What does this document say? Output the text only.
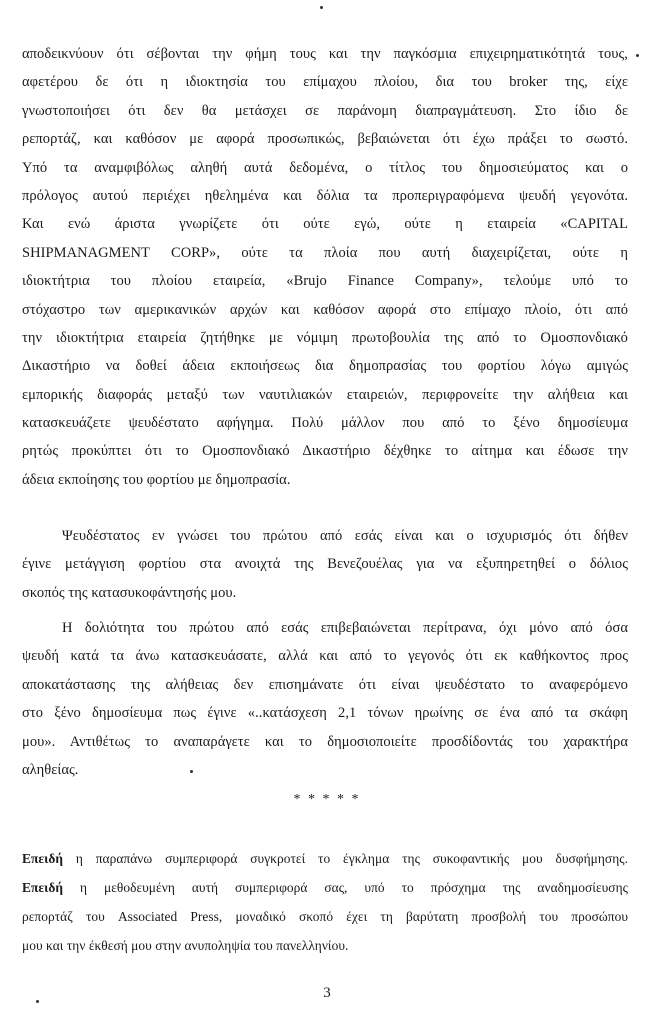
αποδεικνύουν ότι σέβονται την φήμη τους και την παγκόσμια επιχειρηματικότητά τους,
αφετέρου δε ότι η ιδιοκτησία του επίμαχου πλοίου, δια του broker της, είχε
γνωστοποιήσει ότι δεν θα μετάσχει σε παράνομη διαπραγμάτευση. Στο ίδιο δε
ρεπορτάζ, και καθόσον με αφορά προσωπικώς, βεβαιώνεται ότι έχω πράξει το σωστό.
Υπό τα αναμφιβόλως αληθή αυτά δεδομένα, ο τίτλος του δημοσιεύματος και ο
πρόλογος αυτού περιέχει ηθελημένα και δόλια τα προπεριγραφόμενα ψευδή γεγονότα.
Και ενώ άριστα γνωρίζετε ότι ούτε εγώ, ούτε η εταιρεία «CAPITAL
SHIPMANAGMENT CORP», ούτε τα πλοία που αυτή διαχειρίζεται, ούτε η
ιδιοκτήτρια του πλοίου εταιρεία, «Brujo Finance Company», τελούμε υπό το
στόχαστρο των αμερικανικών αρχών και καθόσον αφορά στο επίμαχο πλοίο, ότι από
την ιδιοκτήτρια εταιρεία ζητήθηκε με νόμιμη πρωτοβουλία της από το Ομοσπονδιακό
Δικαστήριο να δοθεί άδεια εκποιήσεως δια δημοπρασίας του φορτίου λόγω αμιγώς
εμπορικής διαφοράς μεταξύ των ναυτιλιακών εταιρειών, περιφρονείτε την αλήθεια και
κατασκευάζετε ψευδέστατο αφήγημα. Πολύ μάλλον που από το ξένο δημοσίευμα
ρητώς προκύπτει ότι το Ομοσπονδιακό Δικαστήριο δέχθηκε το αίτημα και έδωσε την
άδεια εκποίησης του φορτίου με δημοπρασία.
Ψευδέστατος εν γνώσει του πρώτου από εσάς είναι και ο ισχυρισμός ότι δήθεν
έγινε μετάγγιση φορτίου στα ανοιχτά της Βενεζουέλας για να εξυπηρετηθεί ο δόλιος
σκοπός της κατασυκοφάντησής μου.
Η δολιότητα του πρώτου από εσάς επιβεβαιώνεται περίτρανα, όχι μόνο από όσα
ψευδή κατά τα άνω κατασκευάσατε, αλλά και από το γεγονός ότι εκ καθήκοντος προς
αποκατάστασης της αλήθειας δεν επισημάνατε ότι είναι ψευδέστατο το αναφερόμενο
στο ξένο δημοσίευμα πως έγινε «..κατάσχεση 2,1 τόνων ηρωίνης σε ένα από τα σκάφη
μου». Αντιθέτως το αναπαράγετε και το δημοσιοποιείτε προσδίδοντάς του χαρακτήρα
αληθείας.
* * * * *
Επειδή η παραπάνω συμπεριφορά συγκροτεί το έγκλημα της συκοφαντικής μου δυσφήμησης.
Επειδή η μεθοδευμένη αυτή συμπεριφορά σας, υπό το πρόσχημα της αναδημοσίευσης
ρεπορτάζ του Associated Press, μοναδικό σκοπό έχει τη βαρύτατη προσβολή του προσώπου
μου και την έκθεσή μου στην ανυποληψία του πανελληνίου.
3
